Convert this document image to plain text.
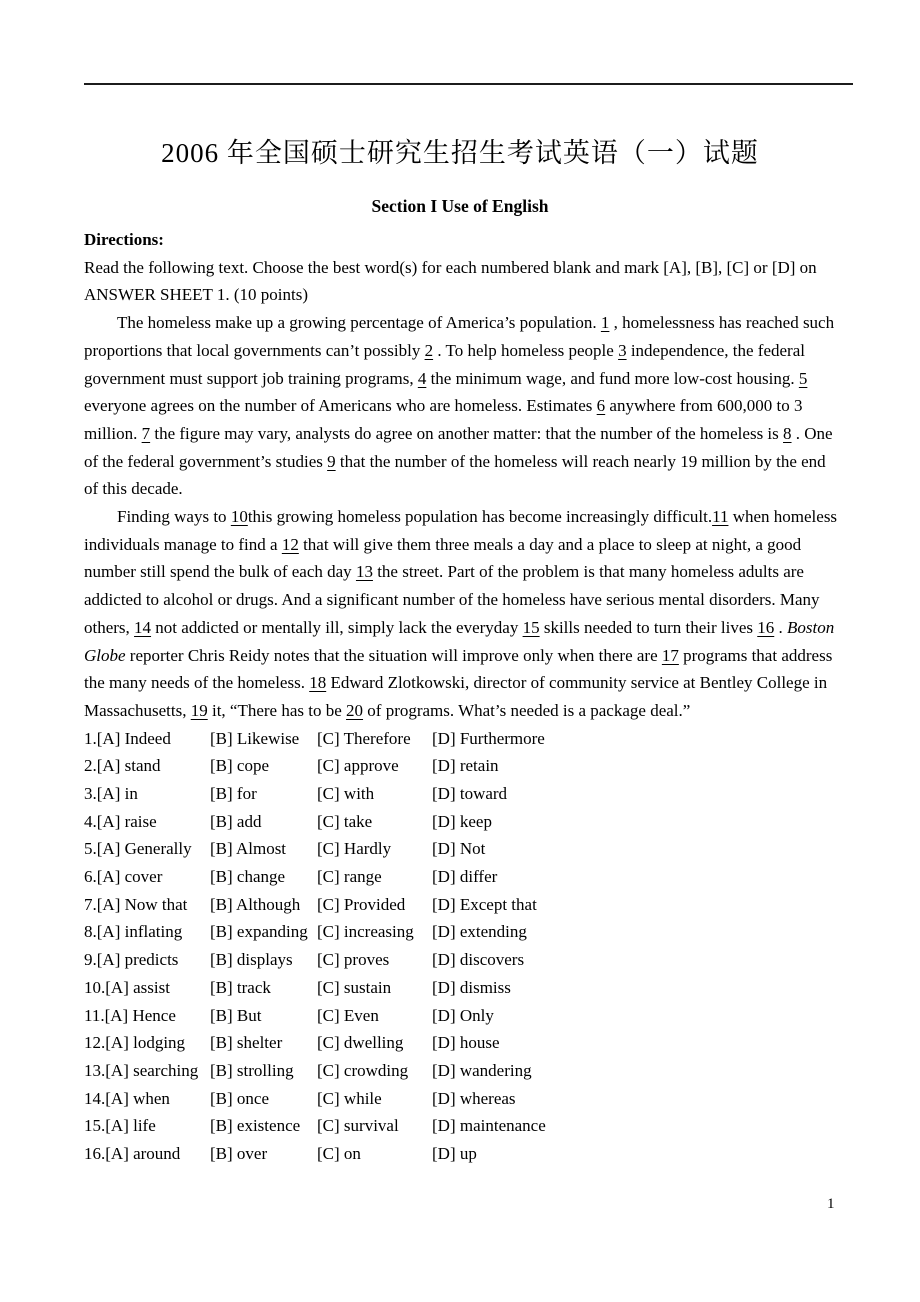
2006 年全国硕士研究生招生考试英语（一）试题
Section I Use of English
Directions:

Read the following text. Choose the best word(s) for each numbered blank and mark [A], [B], [C] or [D] on ANSWER SHEET 1. (10 points)

The homeless make up a growing percentage of America’s population. 1 , homelessness has reached such proportions that local governments can’t possibly 2 . To help homeless people 3 independence, the federal government must support job training programs, 4 the minimum wage, and fund more low-cost housing. 5 everyone agrees on the number of Americans who are homeless. Estimates 6 anywhere from 600,000 to 3 million. 7 the figure may vary, analysts do agree on another matter: that the number of the homeless is 8 . One of the federal government’s studies 9 that the number of the homeless will reach nearly 19 million by the end of this decade.

Finding ways to 10this growing homeless population has become increasingly difficult.11 when homeless individuals manage to find a 12 that will give them three meals a day and a place to sleep at night, a good number still spend the bulk of each day 13 the street. Part of the problem is that many homeless adults are addicted to alcohol or drugs. And a significant number of the homeless have serious mental disorders. Many others, 14 not addicted or mentally ill, simply lack the everyday 15 skills needed to turn their lives 16 . Boston Globe reporter Chris Reidy notes that the situation will improve only when there are 17 programs that address the many needs of the homeless. 18 Edward Zlotkowski, director of community service at Bentley College in Massachusetts, 19 it, “There has to be 20 of programs. What’s needed is a package deal.”

1.[A] Indeed	[B] Likewise	[C] Therefore	[D] Furthermore
2.[A] stand	[B] cope	[C] approve	[D] retain
3.[A] in	[B] for	[C] with	[D] toward
4.[A] raise	[B] add	[C] take	[D] keep
5.[A] Generally	[B] Almost	[C] Hardly	[D] Not
6.[A] cover	[B] change	[C] range	[D] differ
7.[A] Now that	[B] Although [C] Provided	[D] Except that
8.[A] inflating	[B] expanding [C] increasing	[D] extending
9.[A] predicts	[B] displays	[C] proves	[D] discovers
10.[A] assist	[B] track	[C] sustain	[D] dismiss
11.[A] Hence	[B] But	[C] Even	[D] Only
12.[A] lodging	[B] shelter	[C] dwelling	[D] house
13.[A] searching [B] strolling	[C] crowding	[D] wandering
14.[A] when	[B] once	[C] while	[D] whereas
15.[A] life	[B] existence [C] survival	[D] maintenance
16.[A] around	[B] over	[C] on	[D] up
1
